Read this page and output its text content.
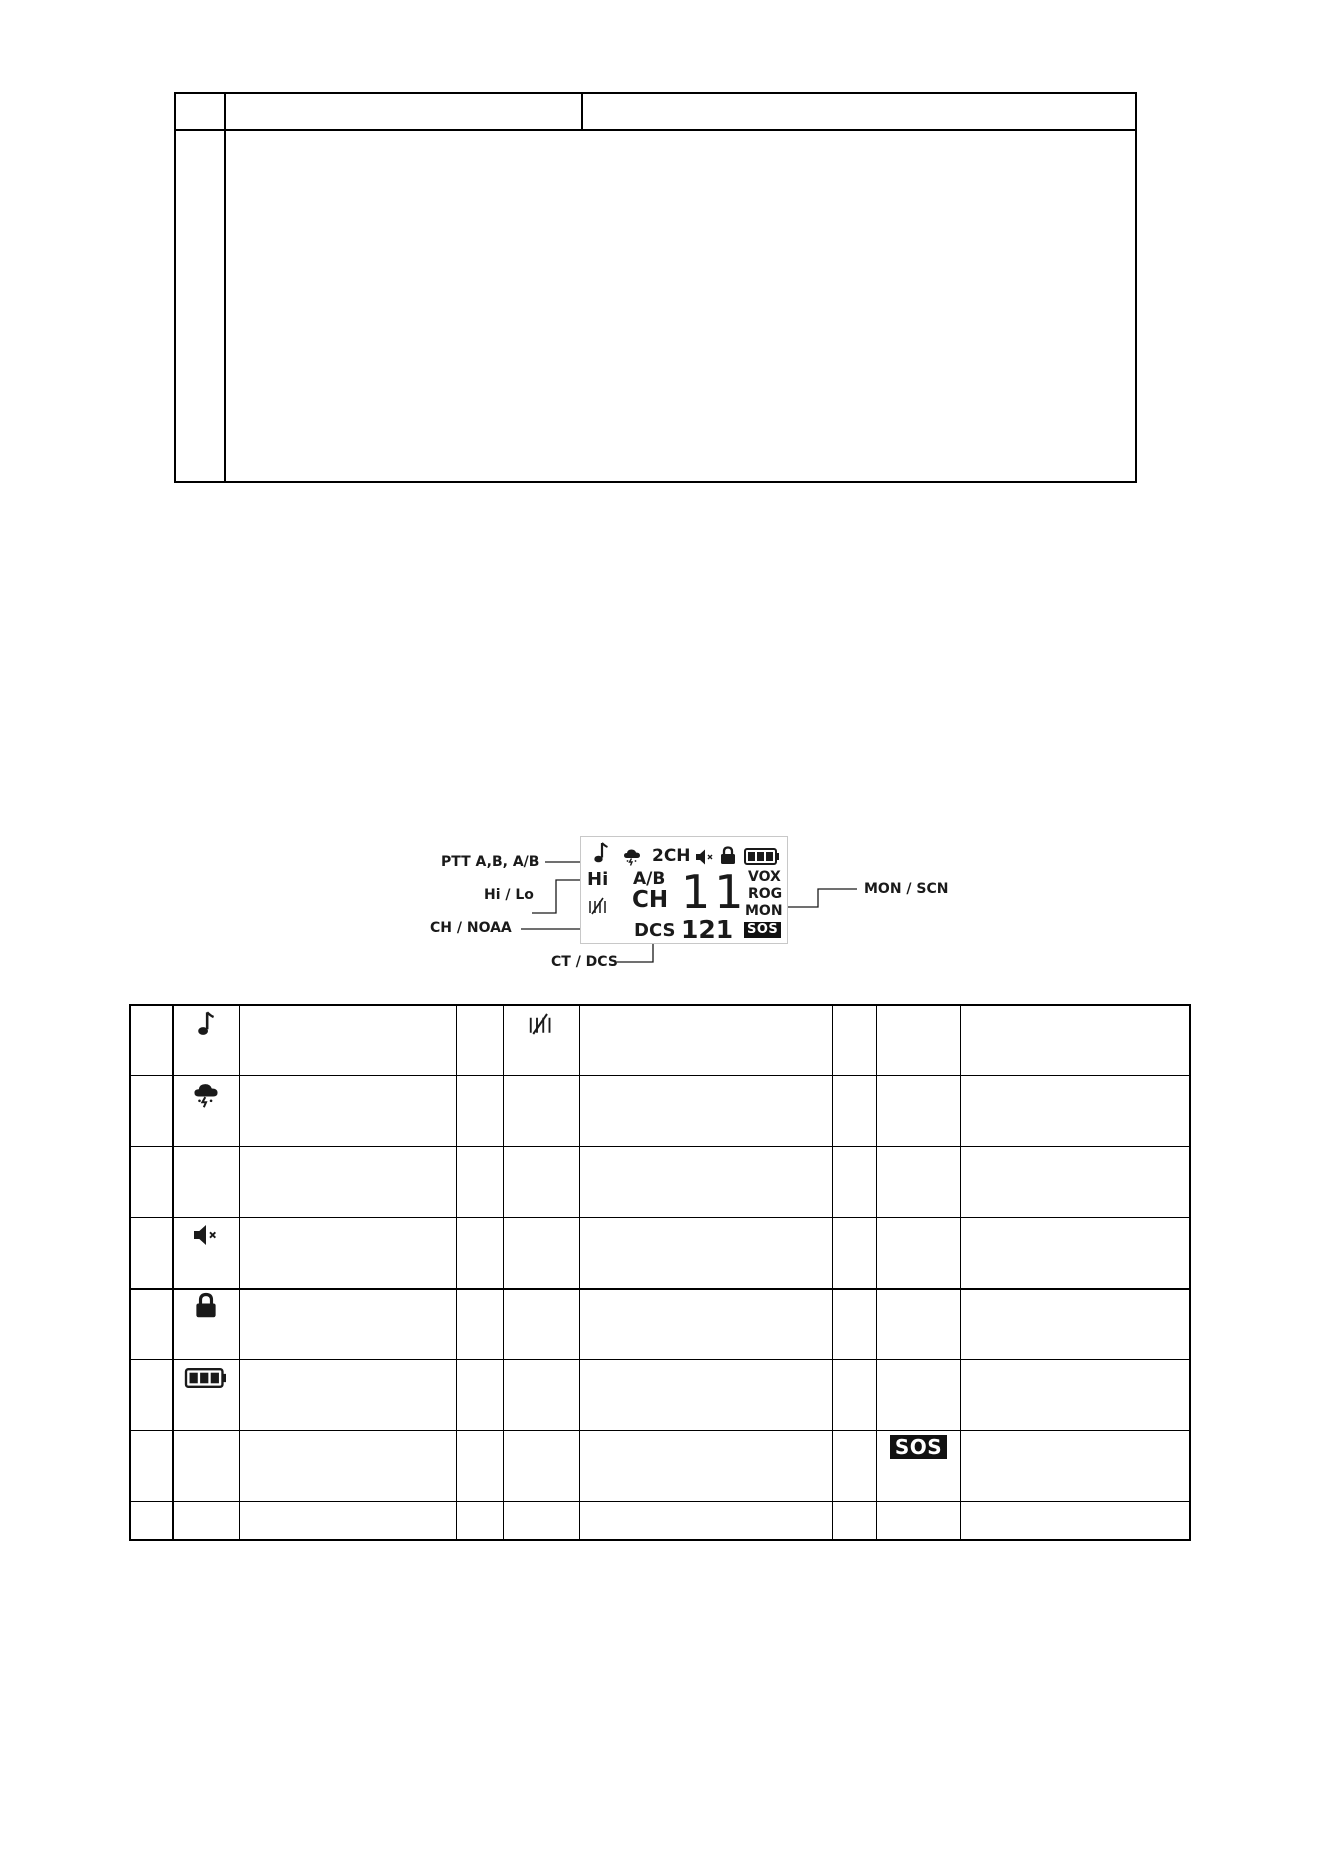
PTT A,B, A/B
Hi / Lo
CH / NOAA
CT / DCS
MON / SCN
2CH
Hi A/B
CH 11
DCS 121
VOX
ROG
MON
SOS
SOS
